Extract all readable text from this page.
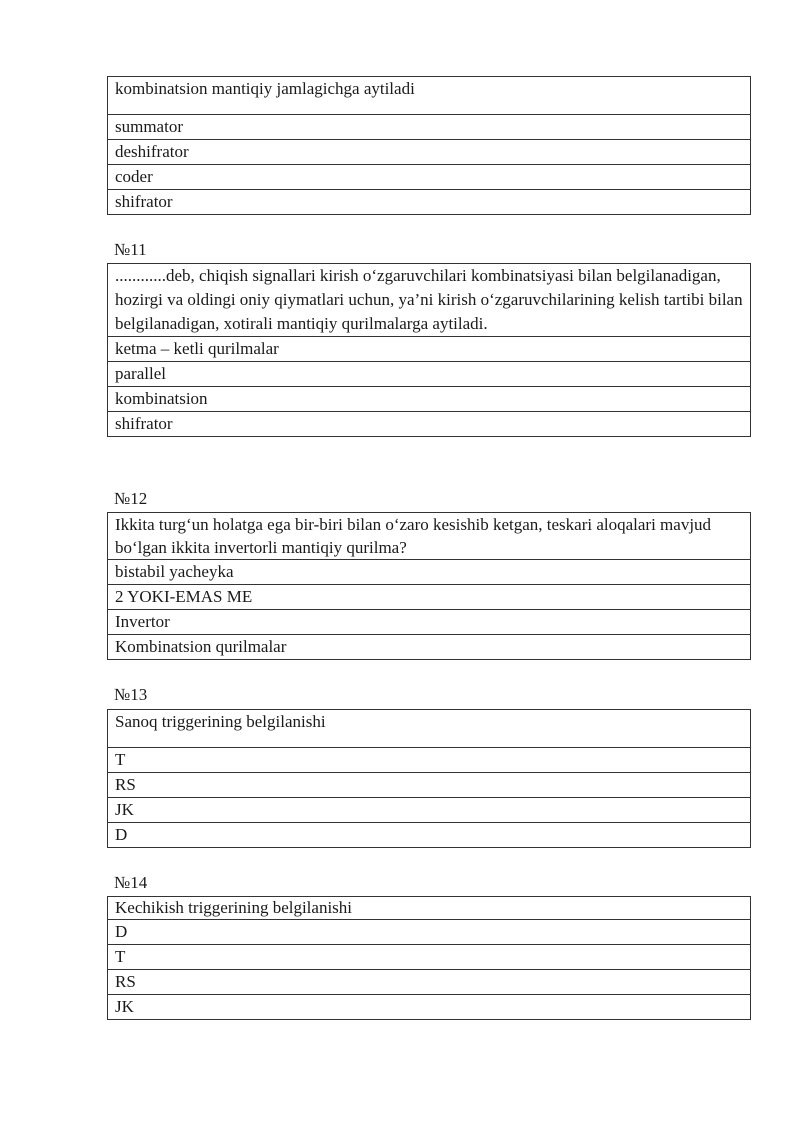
kombinatsion mantiqiy jamlagichga aytiladi
summator
deshifrator
coder
shifrator
№11
............deb, chiqish signallari kirish o‘zgaruvchilari kombinatsiyasi bilan belgilanadigan, hozirgi va oldingi oniy qiymatlari uchun, ya’ni kirish o‘zgaruvchilarining kelish tartibi bilan belgilanadigan, xotirali mantiqiy qurilmalarga aytiladi.
ketma – ketli qurilmalar
parallel
kombinatsion
shifrator
№12
Ikkita turg‘un holatga ega bir-biri bilan o‘zaro kesishib ketgan, teskari aloqalari mavjud bo‘lgan ikkita invertorli mantiqiy qurilma?
bistabil yacheyka
2 YOKI-EMAS ME
Invertor
Kombinatsion qurilmalar
№13
Sanoq triggerining belgilanishi
T
RS
JK
D
№14
Kechikish triggerining belgilanishi
D
T
RS
JK
